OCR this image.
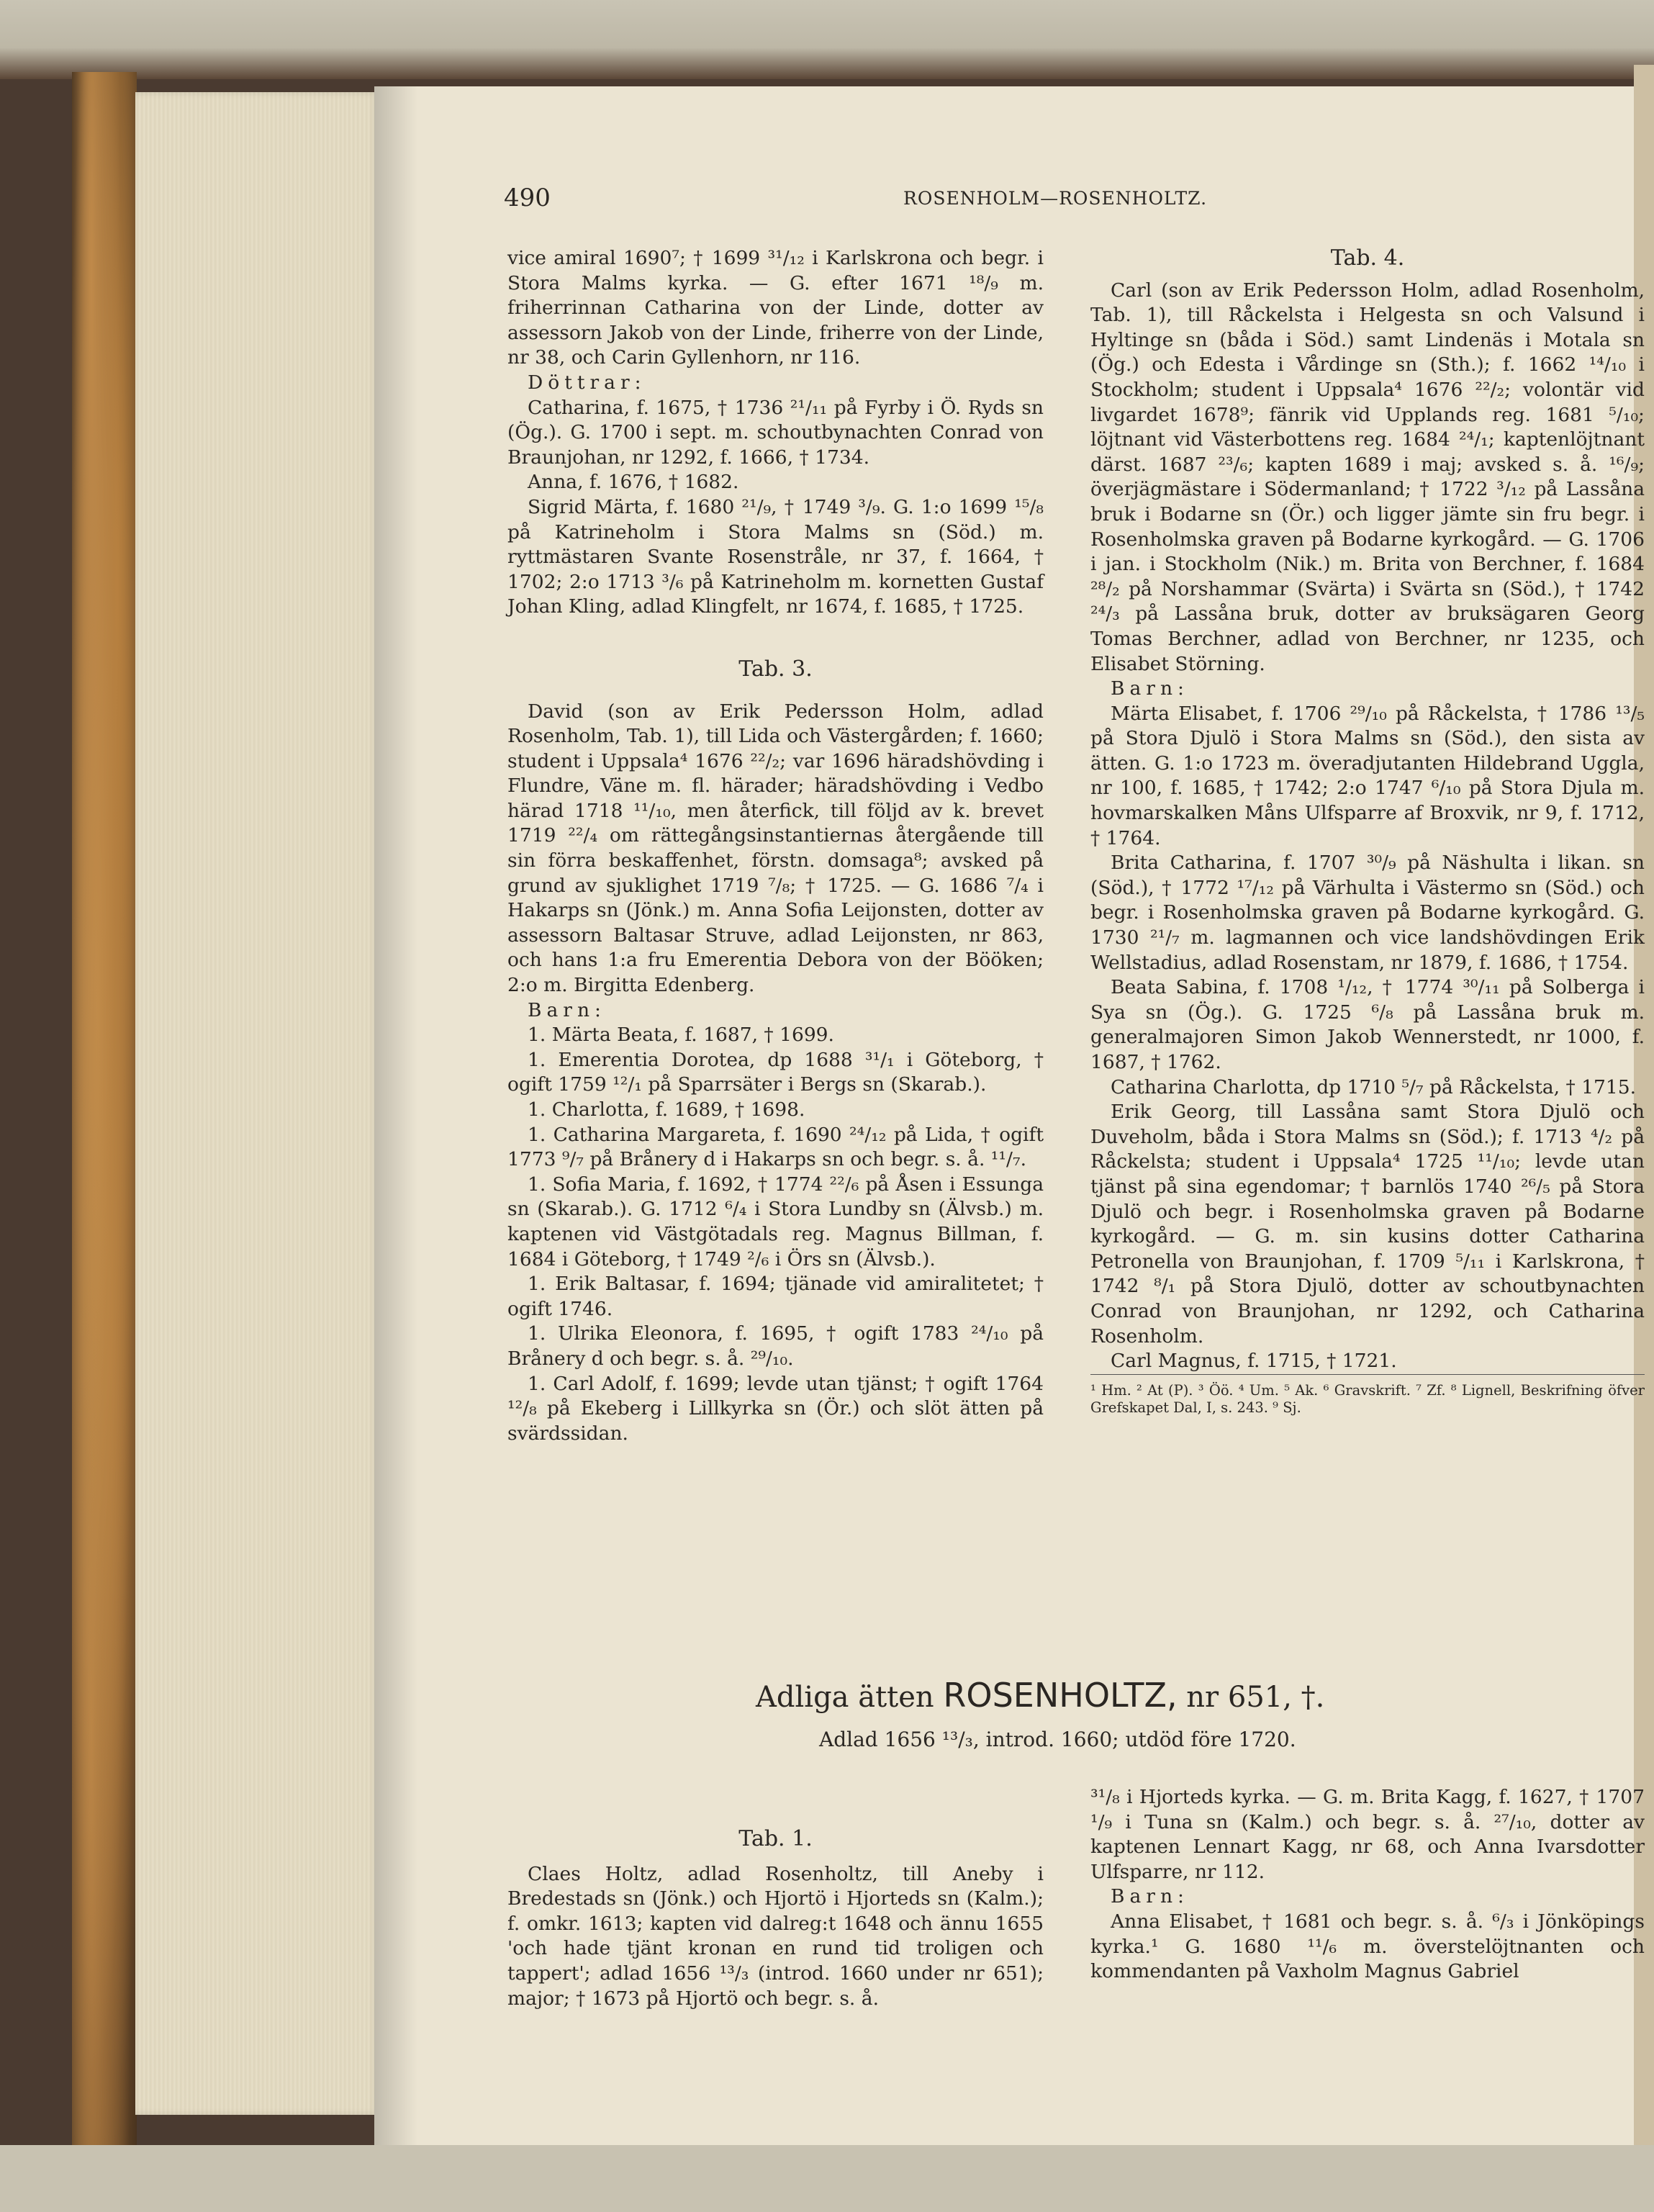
490	ROSENHOLM—ROSENHOLTZ.

vice amiral 1690⁷; † 1699 ³¹/₁₂ i Karlskrona och begr. i Stora Malms kyrka. — G. efter 1671 ¹⁸/₉ m. friherrinnan Catharina von der Linde, dotter av assessorn Jakob von der Linde, friherre von der Linde, nr 38, och Carin Gyllenhorn, nr 116.

Döttrar:

Catharina, f. 1675, † 1736 ²¹/₁₁ på Fyrby i Ö. Ryds sn (Ög.). G. 1700 i sept. m. schoutbynachten Conrad von Braunjohan, nr 1292, f. 1666, † 1734.

Anna, f. 1676, † 1682.

Sigrid Märta, f. 1680 ²¹/₉, † 1749 ³/₉. G. 1:o 1699 ¹⁵/₈ på Katrineholm i Stora Malms sn (Söd.) m. ryttmästaren Svante Rosenstråle, nr 37, f. 1664, † 1702; 2:o 1713 ³/₆ på Katrineholm m. kornetten Gustaf Johan Kling, adlad Klingfelt, nr 1674, f. 1685, † 1725.

Tab. 3.

David (son av Erik Pedersson Holm, adlad Rosenholm, Tab. 1), till Lida och Västergården; f. 1660; student i Uppsala⁴ 1676 ²²/₂; var 1696 häradshövding i Flundre, Väne m. fl. härader; häradshövding i Vedbo härad 1718 ¹¹/₁₀, men återfick, till följd av k. brevet 1719 ²²/₄ om rättegångsinstantiernas återgående till sin förra beskaffenhet, förstn. domsaga⁸; avsked på grund av sjuklighet 1719 ⁷/₈; † 1725. — G. 1686 ⁷/₄ i Hakarps sn (Jönk.) m. Anna Sofia Leijonsten, dotter av assessorn Baltasar Struve, adlad Leijonsten, nr 863, och hans 1:a fru Emerentia Debora von der Bööken; 2:o m. Birgitta Edenberg.

Barn:

1. Märta Beata, f. 1687, † 1699.

1. Emerentia Dorotea, dp 1688 ³¹/₁ i Göteborg, † ogift 1759 ¹²/₁ på Sparrsäter i Bergs sn (Skarab.).

1. Charlotta, f. 1689, † 1698.

1. Catharina Margareta, f. 1690 ²⁴/₁₂ på Lida, † ogift 1773 ⁹/₇ på Brånery d i Hakarps sn och begr. s. å. ¹¹/₇.

1. Sofia Maria, f. 1692, † 1774 ²²/₆ på Åsen i Essunga sn (Skarab.). G. 1712 ⁶/₄ i Stora Lundby sn (Älvsb.) m. kaptenen vid Västgötadals reg. Magnus Billman, f. 1684 i Göteborg, † 1749 ²/₆ i Örs sn (Älvsb.).

1. Erik Baltasar, f. 1694; tjänade vid amiralitetet; † ogift 1746.

1. Ulrika Eleonora, f. 1695, † ogift 1783 ²⁴/₁₀ på Brånery d och begr. s. å. ²⁹/₁₀.

1. Carl Adolf, f. 1699; levde utan tjänst; † ogift 1764 ¹²/₈ på Ekeberg i Lillkyrka sn (Ör.) och slöt ätten på svärdssidan.

Tab. 4.

Carl (son av Erik Pedersson Holm, adlad Rosenholm, Tab. 1), till Råckelsta i Helgesta sn och Valsund i Hyltinge sn (båda i Söd.) samt Lindenäs i Motala sn (Ög.) och Edesta i Vårdinge sn (Sth.); f. 1662 ¹⁴/₁₀ i Stockholm; student i Uppsala⁴ 1676 ²²/₂; volontär vid livgardet 1678⁹; fänrik vid Upplands reg. 1681 ⁵/₁₀; löjtnant vid Västerbottens reg. 1684 ²⁴/₁; kaptenlöjtnant därst. 1687 ²³/₆; kapten 1689 i maj; avsked s. å. ¹⁶/₉; överjägmästare i Södermanland; † 1722 ³/₁₂ på Lassåna bruk i Bodarne sn (Ör.) och ligger jämte sin fru begr. i Rosenholmska graven på Bodarne kyrkogård. — G. 1706 i jan. i Stockholm (Nik.) m. Brita von Berchner, f. 1684 ²⁸/₂ på Norshammar (Svärta) i Svärta sn (Söd.), † 1742 ²⁴/₃ på Lassåna bruk, dotter av bruksägaren Georg Tomas Berchner, adlad von Berchner, nr 1235, och Elisabet Störning.

Barn:

Märta Elisabet, f. 1706 ²⁹/₁₀ på Råckelsta, † 1786 ¹³/₅ på Stora Djulö i Stora Malms sn (Söd.), den sista av ätten. G. 1:o 1723 m. överadjutanten Hildebrand Uggla, nr 100, f. 1685, † 1742; 2:o 1747 ⁶/₁₀ på Stora Djula m. hovmarskalken Måns Ulfsparre af Broxvik, nr 9, f. 1712, † 1764.

Brita Catharina, f. 1707 ³⁰/₉ på Näshulta i likan. sn (Söd.), † 1772 ¹⁷/₁₂ på Värhulta i Västermo sn (Söd.) och begr. i Rosenholmska graven på Bodarne kyrkogård. G. 1730 ²¹/₇ m. lagmannen och vice landshövdingen Erik Wellstadius, adlad Rosenstam, nr 1879, f. 1686, † 1754.

Beata Sabina, f. 1708 ¹/₁₂, † 1774 ³⁰/₁₁ på Solberga i Sya sn (Ög.). G. 1725 ⁶/₈ på Lassåna bruk m. generalmajoren Simon Jakob Wennerstedt, nr 1000, f. 1687, † 1762.

Catharina Charlotta, dp 1710 ⁵/₇ på Råckelsta, † 1715.

Erik Georg, till Lassåna samt Stora Djulö och Duveholm, båda i Stora Malms sn (Söd.); f. 1713 ⁴/₂ på Råckelsta; student i Uppsala⁴ 1725 ¹¹/₁₀; levde utan tjänst på sina egendomar; † barnlös 1740 ²⁶/₅ på Stora Djulö och begr. i Rosenholmska graven på Bodarne kyrkogård. — G. m. sin kusins dotter Catharina Petronella von Braunjohan, f. 1709 ⁵/₁₁ i Karlskrona, † 1742 ⁸/₁ på Stora Djulö, dotter av schoutbynachten Conrad von Braunjohan, nr 1292, och Catharina Rosenholm.

Carl Magnus, f. 1715, † 1721.

¹ Hm. ² At (P). ³ Öö. ⁴ Um. ⁵ Ak. ⁶ Gravskrift. ⁷ Zf. ⁸ Lignell, Beskrifning öfver Grefskapet Dal, I, s. 243. ⁹ Sj.

Adliga ätten ROSENHOLTZ, nr 651, †.
Adlad 1656 ¹³/₃, introd. 1660; utdöd före 1720.

Tab. 1.

Claes Holtz, adlad Rosenholtz, till Aneby i Bredestads sn (Jönk.) och Hjortö i Hjorteds sn (Kalm.); f. omkr. 1613; kapten vid dalreg:t 1648 och ännu 1655 'och hade tjänt kronan en rund tid troligen och tappert'; adlad 1656 ¹³/₃ (introd. 1660 under nr 651); major; † 1673 på Hjortö och begr. s. å.

³¹/₈ i Hjorteds kyrka. — G. m. Brita Kagg, f. 1627, † 1707 ¹/₉ i Tuna sn (Kalm.) och begr. s. å. ²⁷/₁₀, dotter av kaptenen Lennart Kagg, nr 68, och Anna Ivarsdotter Ulfsparre, nr 112.

Barn:

Anna Elisabet, † 1681 och begr. s. å. ⁶/₃ i Jönköpings kyrka.¹ G. 1680 ¹¹/₆ m. överstelöjtnanten och kommendanten på Vaxholm Magnus Gabriel
